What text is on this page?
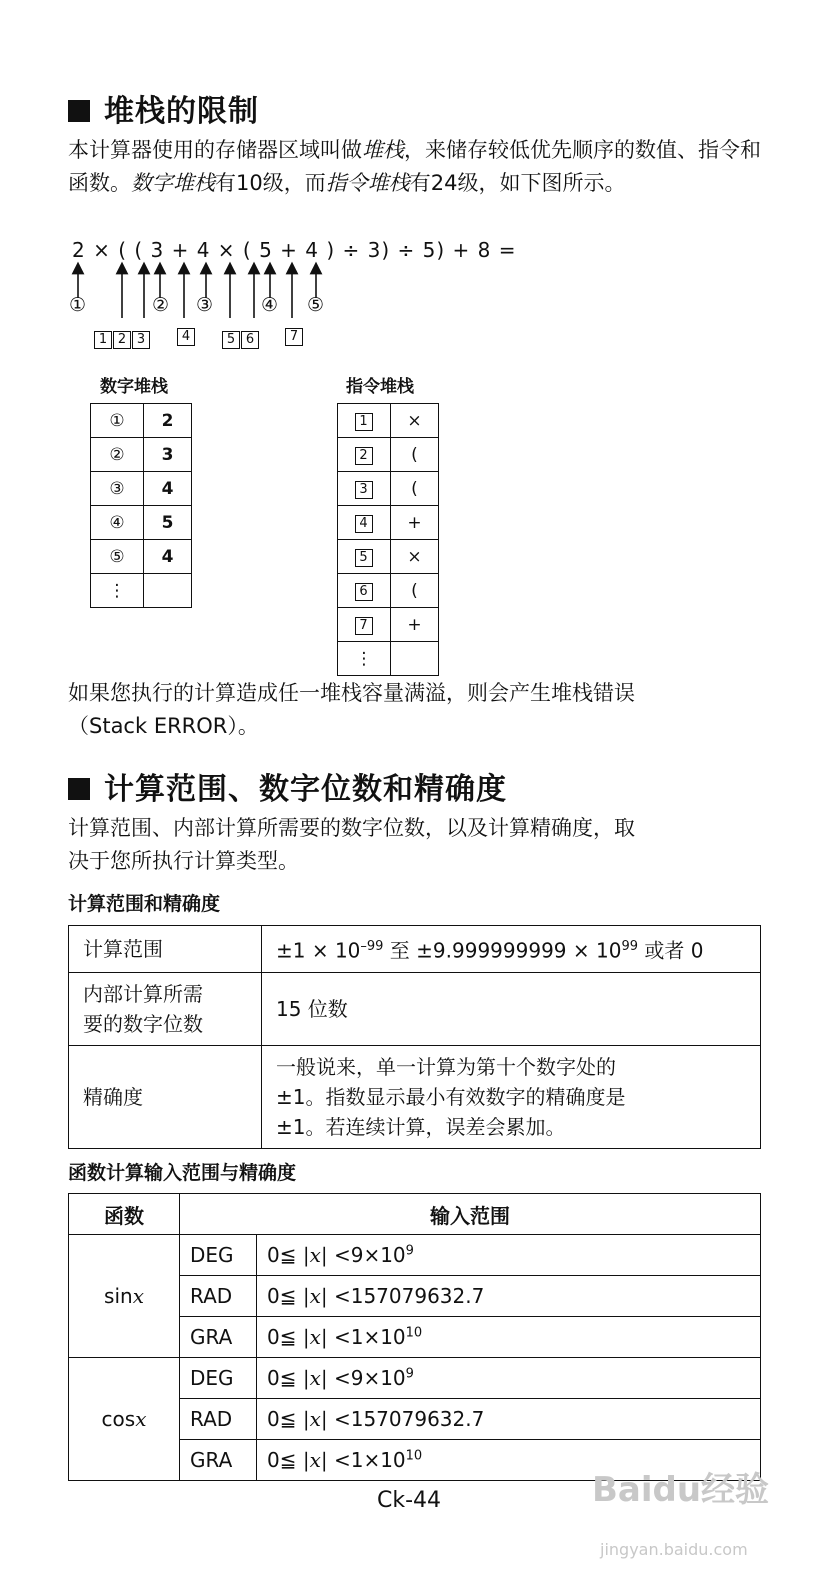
堆栈的限制
本计算器使用的存储器区域叫做堆栈，来储存较低优先顺序的数值、指令和函数。数字堆栈有10级，而指令堆栈有24级，如下图所示。
2 × ( ( 3 + 4 × ( 5 + 4 ) ÷ 3) ÷ 5) + 8 =
①	② ③	④ ⑤
1 2 3	4	5 6	7
数字堆栈	指令堆栈
①	2
②	3
③	4
④	5
⑤	4
⋮	
1	×
2	(
3	(
4	+
5	×
6	(
7	+
⋮	
如果您执行的计算造成任一堆栈容量满溢，则会产生堆栈错误
（Stack ERROR）。
计算范围、数字位数和精确度
计算范围、内部计算所需要的数字位数，以及计算精确度，取
决于您所执行计算类型。
计算范围和精确度
计算范围	$\pm 1 \times 10^{-99}$ 至 $\pm 9.999999999 \times 10^{99}$ 或者 0

内部计算所需
要的数字位数	15 位数
精确度	一般说来，单一计算为第十个数字处的
±1。指数显示最小有效数字的精确度是
±1。若连续计算，误差会累加。
函数计算输入范围与精确度
函数	输入范围	
sinx	DEG	0≦ $|x| <9\times 10^9$
	RAD	0≦ |x| <157079632.7
	GRA	0≦ $|x| <1\times 10^{10}$
cosx	DEG	0≦ $|x| <9\times 10^9$
	RAD	0≦ |x| <157079632.7
	GRA	0≦ $|x| <1\times 10^{10}$
Ck-44	Baidu经验
jingyan.baidu.com
